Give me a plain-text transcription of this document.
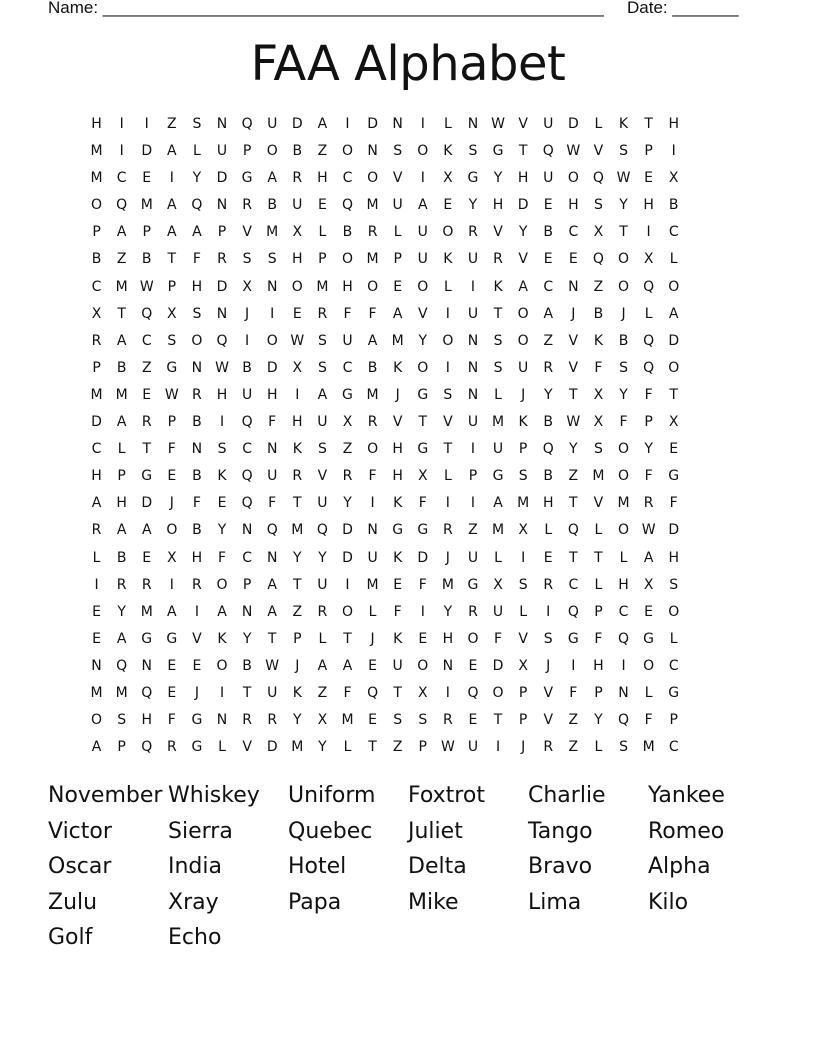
Name: _____________________________________________________ Date: _______
FAA Alphabet
H	I	I	Z	S	N	Q	U	D	A	I	D	N	I	L	N W V	U	D	L	K	T	H
M	I	D	A	L	U	P	O	B	Z	O	N	S	O	K	S	G	T	Q W V	S	P	I
M	C	E	I	Y	D	G	A	R	H	C	O	V	I	X	G	Y	H	U	O	Q W E	X
O	Q M	A	Q	N	R	B	U	E	Q M U	A	E	Y	H	D	E	H	S	Y	H	B
P	A	P	A	A	P	V	M	X	L	B	R	L	U	O	R	V	Y	B	C	X	T	I	C
B	Z	B	T	F	R	S	S	H	P	O M	P	U	K	U	R	V	E	E	Q	O	X	L
C	M W P	H	D	X	N	O M H	O	E	O	L	I	K	A	C	N	Z	O	Q	O
X	T	Q	X	S	N	J	I	E	R	F	F	A	V	I	U	T	O	A	J	B	J	L	A
R	A	C	S	O	Q	I	O W S	U	A	M	Y	O	N	S	O	Z	V	K	B	Q	D
P	B	Z	G	N W B	D	X	S	C	B	K	O	I	N	S	U	R	V	F	S	Q	O
M M	E W R	H	U	H	I	A	G M	J	G	S	N	L	J	Y	T	X	Y	F	T
D	A	R	P	B	I	Q	F	H	U	X	R	V	T	V	U M	K	B W X	F	P	X
C	L	T	F	N	S	C	N	K	S	Z	O	H	G	T	I	U	P	Q	Y	S	O	Y	E
H	P	G	E	B	K	Q	U	R	V	R	F	H	X	L	P	G	S	B	Z	M O	F	G
A	H	D	J	F	E	Q	F	T	U	Y	I	K	F	I	I	A	M H	T	V	M	R	F
R	A	A	O	B	Y	N	Q M Q	D	N	G	G	R	Z	M	X	L	Q	L	O W D
L	B	E	X	H	F	C	N	Y	Y	D	U	K	D	J	U	L	I	E	T	T	L	A	H
I	R	R	I	R	O	P	A	T	U	I	M	E	F	M G	X	S	R	C	L	H	X	S
E	Y	M	A	I	A	N	A	Z	R	O	L	F	I	Y	R	U	L	I	Q	P	C	E	O
E	A	G	G	V	K	Y	T	P	L	T	J	K	E	H	O	F	V	S	G	F	Q	G	L
N	Q	N	E	E	O	B W	J	A	A	E	U	O	N	E	D	X	J	I	H	I	O	C
M M Q	E	J	I	T	U	K	Z	F	Q	T	X	I	Q	O	P	V	F	P	N	L	G
O	S	H	F	G	N	R	R	Y	X	M	E	S	S	R	E	T	P	V	Z	Y	Q	F	P
A	P	Q	R	G	L	V	D M	Y	L	T	Z	P W U	I	J	R	Z	L	S	M	C
November Whiskey	Uniform	Foxtrot	Charlie	Yankee
Victor	Sierra	Quebec	Juliet	Tango	Romeo
Oscar	India	Hotel	Delta	Bravo	Alpha
Zulu	Xray	Papa	Mike	Lima	Kilo
Golf	Echo
